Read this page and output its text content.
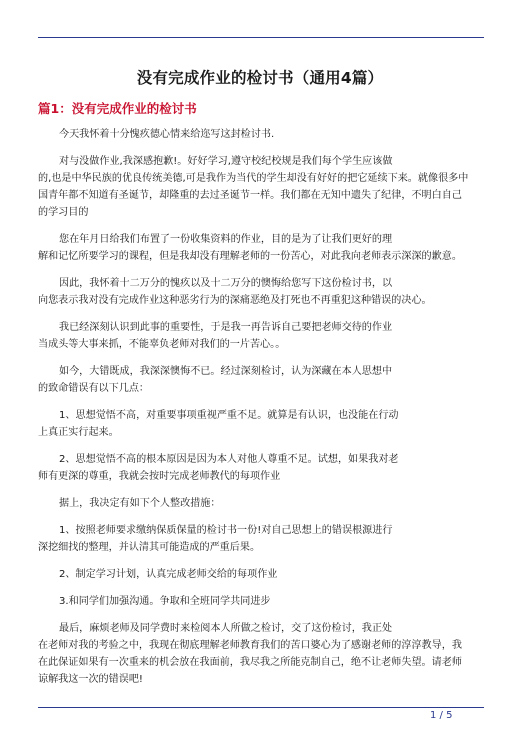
没有完成作业的检讨书（通用4篇）
篇1：没有完成作业的检讨书
今天我怀着十分愧疚德心情来给迩写这封检讨书.
对与没做作业,我深感抱歉!。好好学习,遵守校纪校规是我们每个学生应该做
的,也是中华民族的优良传统美德,可是我作为当代的学生却没有好好的把它延续下来。就像很多中
国青年都不知道有圣诞节，却隆重的去过圣诞节一样。我们都在无知中遗失了纪律，不明白自己
的学习目的
您在年月日给我们布置了一份收集资料的作业，目的是为了让我们更好的理
解和记忆所要学习的课程，但是我却没有理解老师的一份苦心，对此我向老师表示深深的歉意。
因此，我怀着十二万分的愧疚以及十二万分的懊悔给您写下这份检讨书，以
向您表示我对没有完成作业这种恶劣行为的深痛恶绝及打死也不再重犯这种错误的决心。
我已经深刻认识到此事的重要性，于是我一再告诉自己要把老师交待的作业
当成头等大事来抓，不能辜负老师对我们的一片苦心。。
如今，大错既成，我深深懊悔不已。经过深刻检讨，认为深藏在本人思想中
的致命错误有以下几点：
1、思想觉悟不高，对重要事项重视严重不足。就算是有认识，也没能在行动
上真正实行起来。
2、思想觉悟不高的根本原因是因为本人对他人尊重不足。试想，如果我对老
师有更深的尊重，我就会按时完成老师教代的每项作业
据上，我决定有如下个人整改措施：
1、按照老师要求缴纳保质保量的检讨书一份!对自己思想上的错误根源进行
深挖细找的整理，并认清其可能造成的严重后果。
2、制定学习计划，认真完成老师交给的每项作业
3.和同学们加强沟通。争取和全班同学共同进步
最后，麻烦老师及同学费时来检阅本人所做之检讨，交了这份检讨，我正处
在老师对我的考验之中，我现在彻底理解老师教育我们的苦口婆心为了感谢老师的淳淳教导，我
在此保证如果有一次重来的机会放在我面前，我尽我之所能克制自己，绝不让老师失望。请老师
谅解我这一次的错误吧!
1 / 5
